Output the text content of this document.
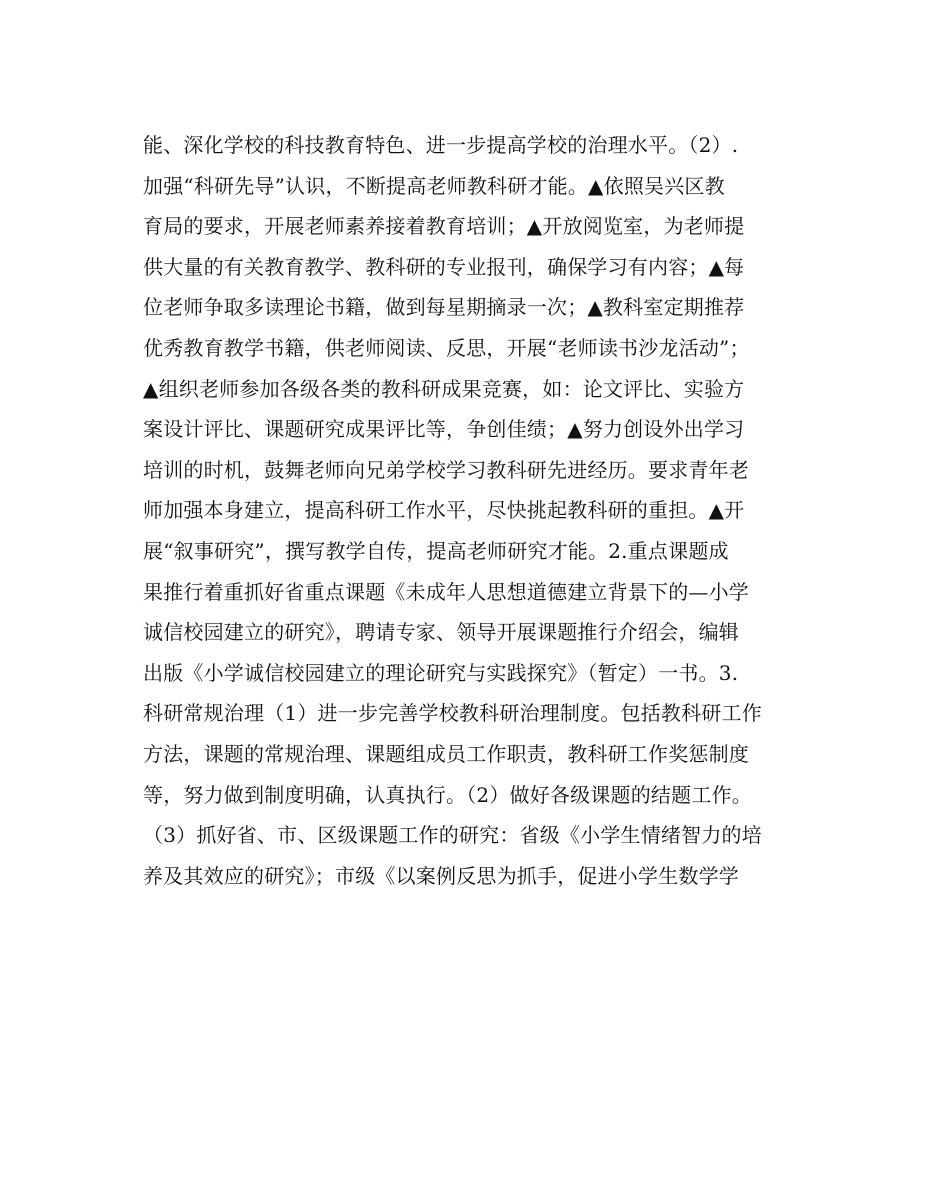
能、深化学校的科技教育特色、进一步提高学校的治理水平。（2）.
加强“科研先导”认识，不断提高老师教科研才能。▲依照吴兴区教
育局的要求，开展老师素养接着教育培训；▲开放阅览室，为老师提
供大量的有关教育教学、教科研的专业报刊，确保学习有内容；▲每
位老师争取多读理论书籍，做到每星期摘录一次；▲教科室定期推荐
优秀教育教学书籍，供老师阅读、反思，开展“老师读书沙龙活动”；
▲组织老师参加各级各类的教科研成果竞赛，如：论文评比、实验方
案设计评比、课题研究成果评比等，争创佳绩；▲努力创设外出学习
培训的时机，鼓舞老师向兄弟学校学习教科研先进经历。要求青年老
师加强本身建立，提高科研工作水平，尽快挑起教科研的重担。▲开
展“叙事研究”，撰写教学自传，提高老师研究才能。2.重点课题成
果推行着重抓好省重点课题《未成年人思想道德建立背景下的—小学
诚信校园建立的研究》，聘请专家、领导开展课题推行介绍会，编辑
出版《小学诚信校园建立的理论研究与实践探究》（暂定）一书。3.
科研常规治理（1）进一步完善学校教科研治理制度。包括教科研工作
方法，课题的常规治理、课题组成员工作职责，教科研工作奖惩制度
等，努力做到制度明确，认真执行。（2）做好各级课题的结题工作。
（3）抓好省、市、区级课题工作的研究：省级《小学生情绪智力的培
养及其效应的研究》；市级《以案例反思为抓手，促进小学生数学学
